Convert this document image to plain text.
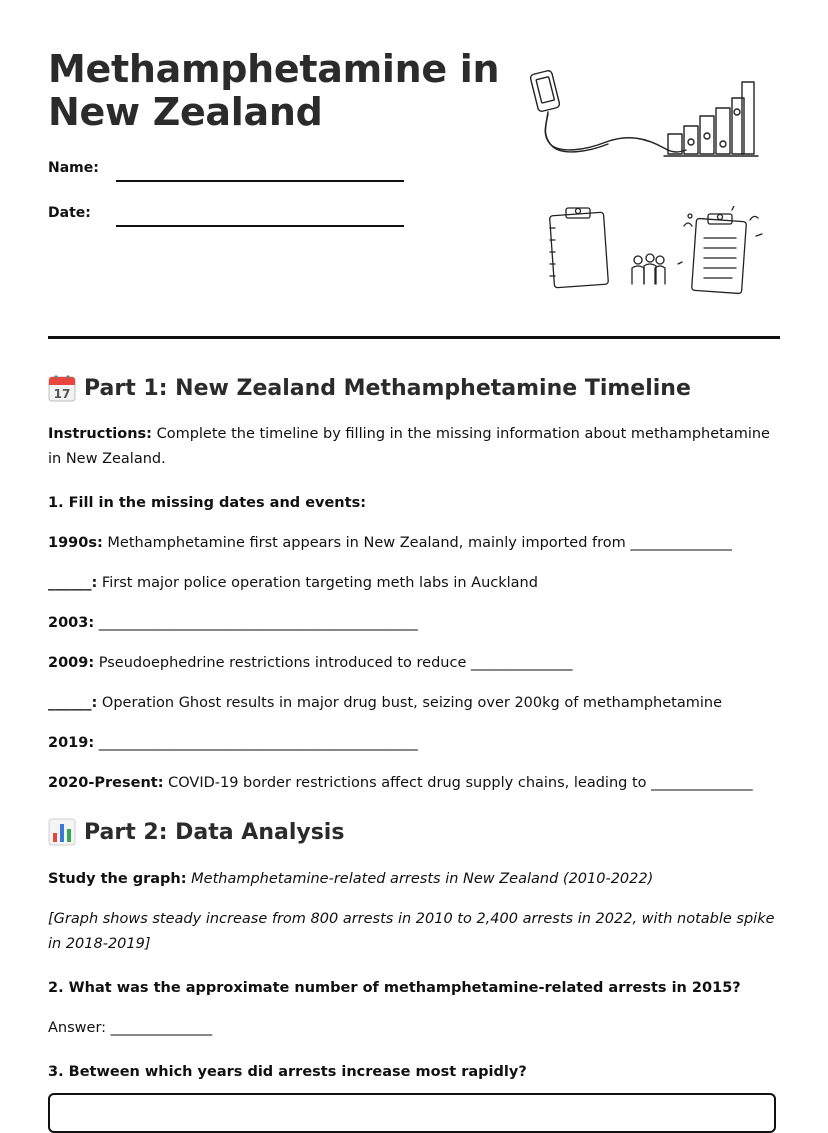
Methamphetamine in
New Zealand
Name:
Date:
17 Part 1: New Zealand Methamphetamine Timeline

Instructions: Complete the timeline by filling in the missing information about methamphetamine in New Zealand.

1. Fill in the missing dates and events:
1990s: Methamphetamine first appears in New Zealand, mainly imported from ______________
______: First major police operation targeting meth labs in Auckland
2003: ____________________________________________
2009: Pseudoephedrine restrictions introduced to reduce ______________
______: Operation Ghost results in major drug bust, seizing over 200kg of methamphetamine
2019: ____________________________________________
2020-Present: COVID-19 border restrictions affect drug supply chains, leading to ______________
Part 2: Data Analysis
Study the graph: Methamphetamine-related arrests in New Zealand (2010-2022)

[Graph shows steady increase from 800 arrests in 2010 to 2,400 arrests in 2022, with notable spike in 2018-2019]

2. What was the approximate number of methamphetamine-related arrests in 2015?
Answer: ______________
3. Between which years did arrests increase most rapidly?
